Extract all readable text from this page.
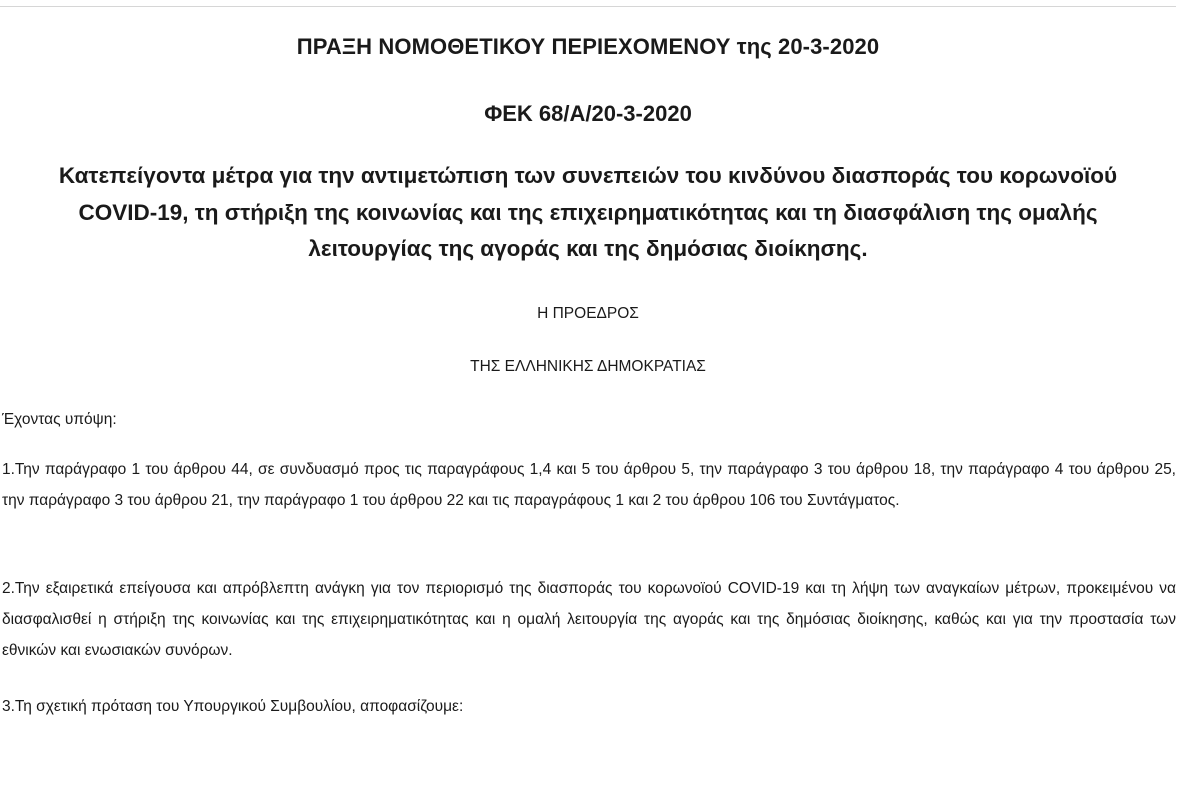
ΠΡΑΞΗ ΝΟΜΟΘΕΤΙΚΟΥ ΠΕΡΙΕΧΟΜΕΝΟΥ της 20-3-2020
ΦΕΚ 68/Α/20-3-2020
Κατεπείγοντα μέτρα για την αντιμετώπιση των συνεπειών του κινδύνου διασποράς του κορωνοϊού COVID-19, τη στήριξη της κοινωνίας και της επιχειρηματικότητας και τη διασφάλιση της ομαλής λειτουργίας της αγοράς και της δημόσιας διοίκησης.
Η ΠΡΟΕΔΡΟΣ
ΤΗΣ ΕΛΛΗΝΙΚΗΣ ΔΗΜΟΚΡΑΤΙΑΣ
Έχοντας υπόψη:
1.Την παράγραφο 1 του άρθρου 44, σε συνδυασμό προς τις παραγράφους 1,4 και 5 του άρθρου 5, την παράγραφο 3 του άρθρου 18, την παράγραφο 4 του άρθρου 25, την παράγραφο 3 του άρθρου 21, την παράγραφο 1 του άρθρου 22 και τις παραγράφους 1 και 2 του άρθρου 106 του Συντάγματος.
2.Την εξαιρετικά επείγουσα και απρόβλεπτη ανάγκη για τον περιορισμό της διασποράς του κορωνοϊού COVID-19 και τη λήψη των αναγκαίων μέτρων, προκειμένου να διασφαλισθεί η στήριξη της κοινωνίας και της επιχειρηματικότητας και η ομαλή λειτουργία της αγοράς και της δημόσιας διοίκησης, καθώς και για την προστασία των εθνικών και ενωσιακών συνόρων.
3.Τη σχετική πρόταση του Υπουργικού Συμβουλίου, αποφασίζουμε:
